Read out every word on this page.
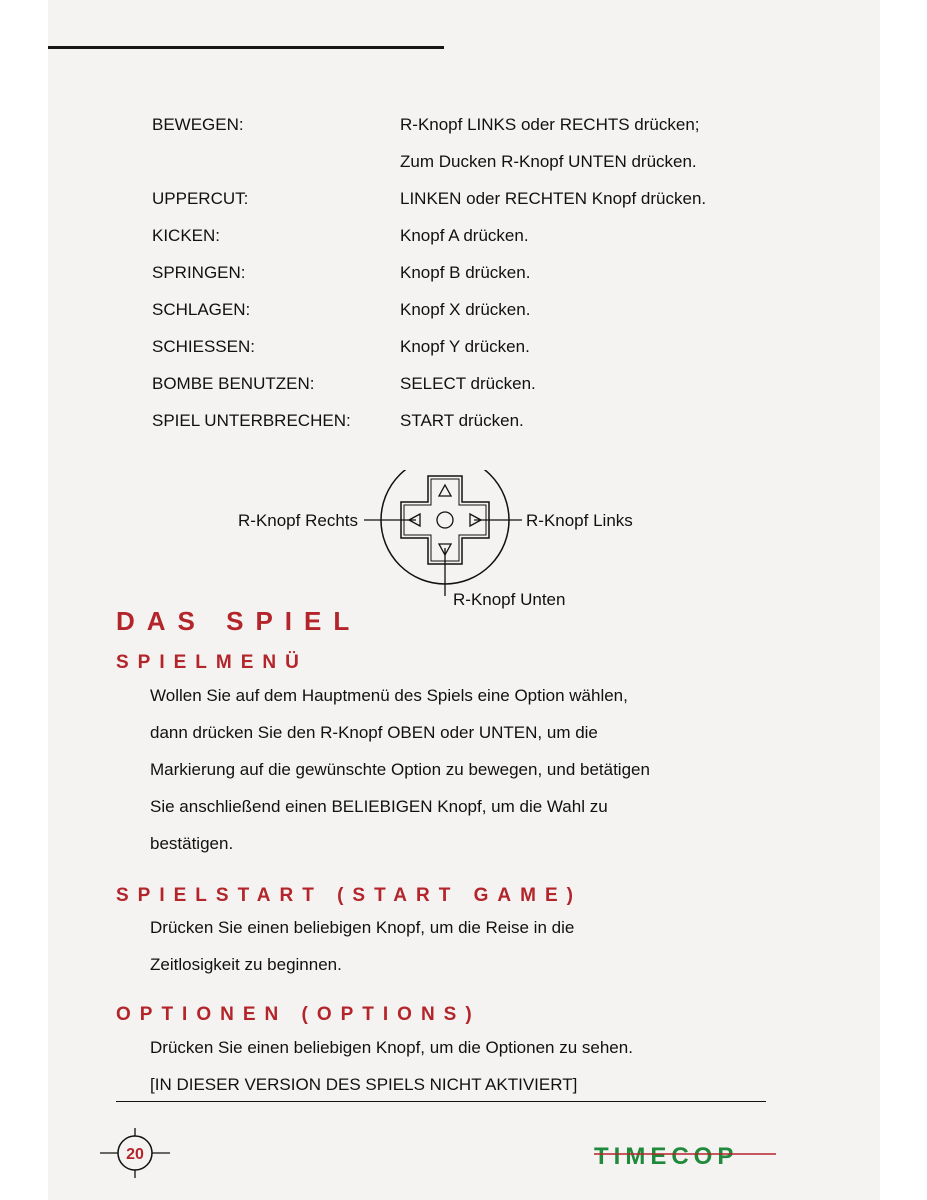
BEWEGEN:	R-Knopf LINKS oder RECHTS drücken;
Zum Ducken R-Knopf UNTEN drücken.
UPPERCUT:	LINKEN oder RECHTEN Knopf drücken.
KICKEN:	Knopf A drücken.
SPRINGEN:	Knopf B drücken.
SCHLAGEN:	Knopf X drücken.
SCHIESSEN:	Knopf Y drücken.
BOMBE BENUTZEN:	SELECT drücken.
SPIEL UNTERBRECHEN:	START drücken.
R-Knopf Rechts	R-Knopf Links
R-Knopf Unten
DAS SPIEL
SPIELMENÜ
Wollen Sie auf dem Hauptmenü des Spiels eine Option wählen,
dann drücken Sie den R-Knopf OBEN oder UNTEN, um die
Markierung auf die gewünschte Option zu bewegen, und betätigen
Sie anschließend einen BELIEBIGEN Knopf, um die Wahl zu
bestätigen.
SPIELSTART (START GAME)
Drücken Sie einen beliebigen Knopf, um die Reise in die
Zeitlosigkeit zu beginnen.
OPTIONEN (OPTIONS)
Drücken Sie einen beliebigen Knopf, um die Optionen zu sehen.
[IN DIESER VERSION DES SPIELS NICHT AKTIVIERT]
20	TIMECOP
